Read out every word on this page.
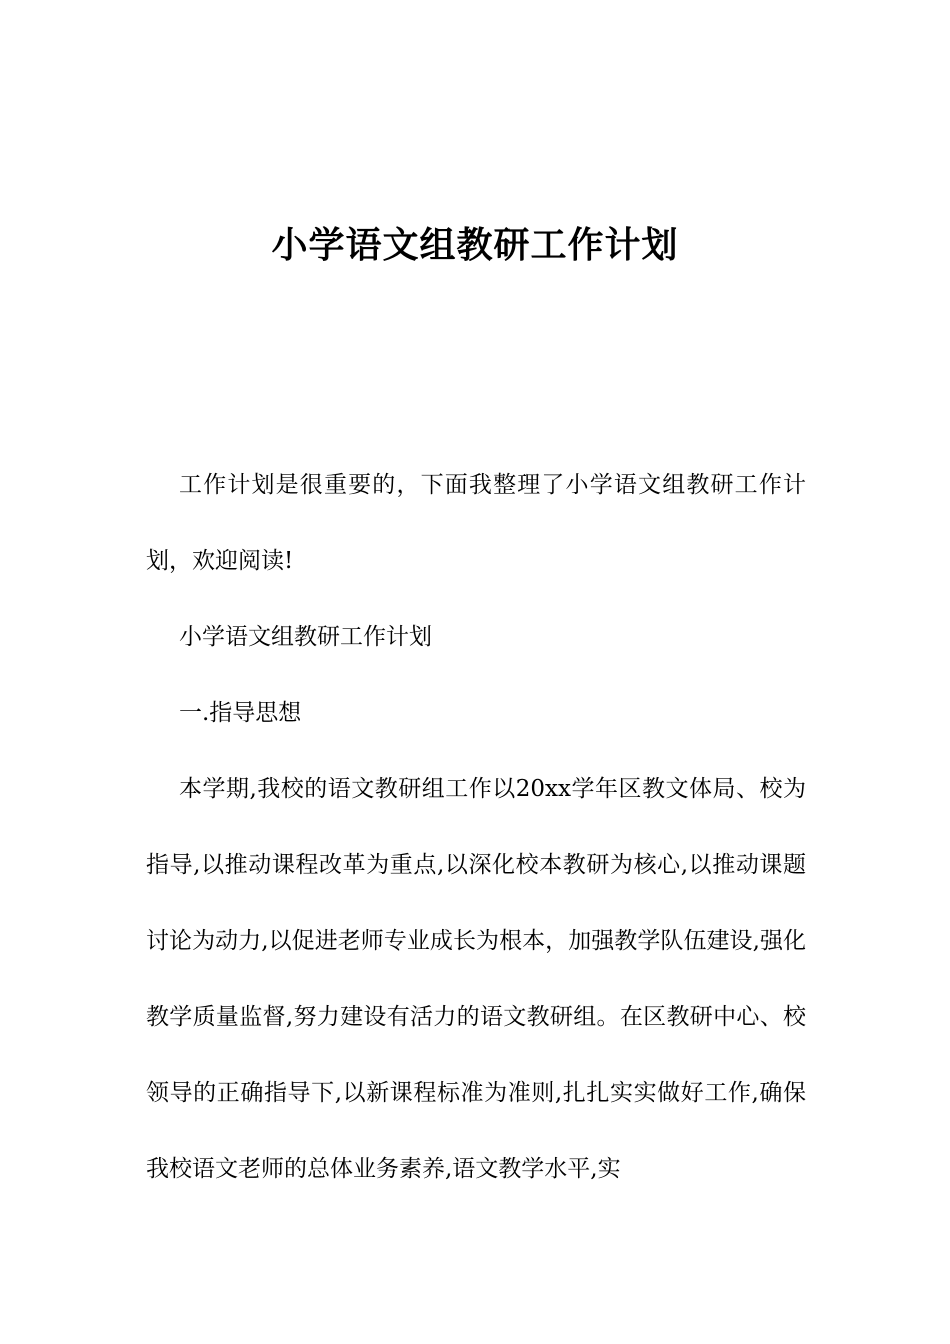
小学语文组教研工作计划

工作计划是很重要的，下面我整理了小学语文组教研工作计划，欢迎阅读!

小学语文组教研工作计划

一.指导思想

本学期,我校的语文教研组工作以20xx学年区教文体局、校为指导,以推动课程改革为重点,以深化校本教研为核心,以推动课题讨论为动力,以促进老师专业成长为根本，加强教学队伍建设,强化教学质量监督,努力建设有活力的语文教研组。在区教研中心、校领导的正确指导下,以新课程标准为准则,扎扎实实做好工作,确保我校语文老师的总体业务素养,语文教学水平,实
